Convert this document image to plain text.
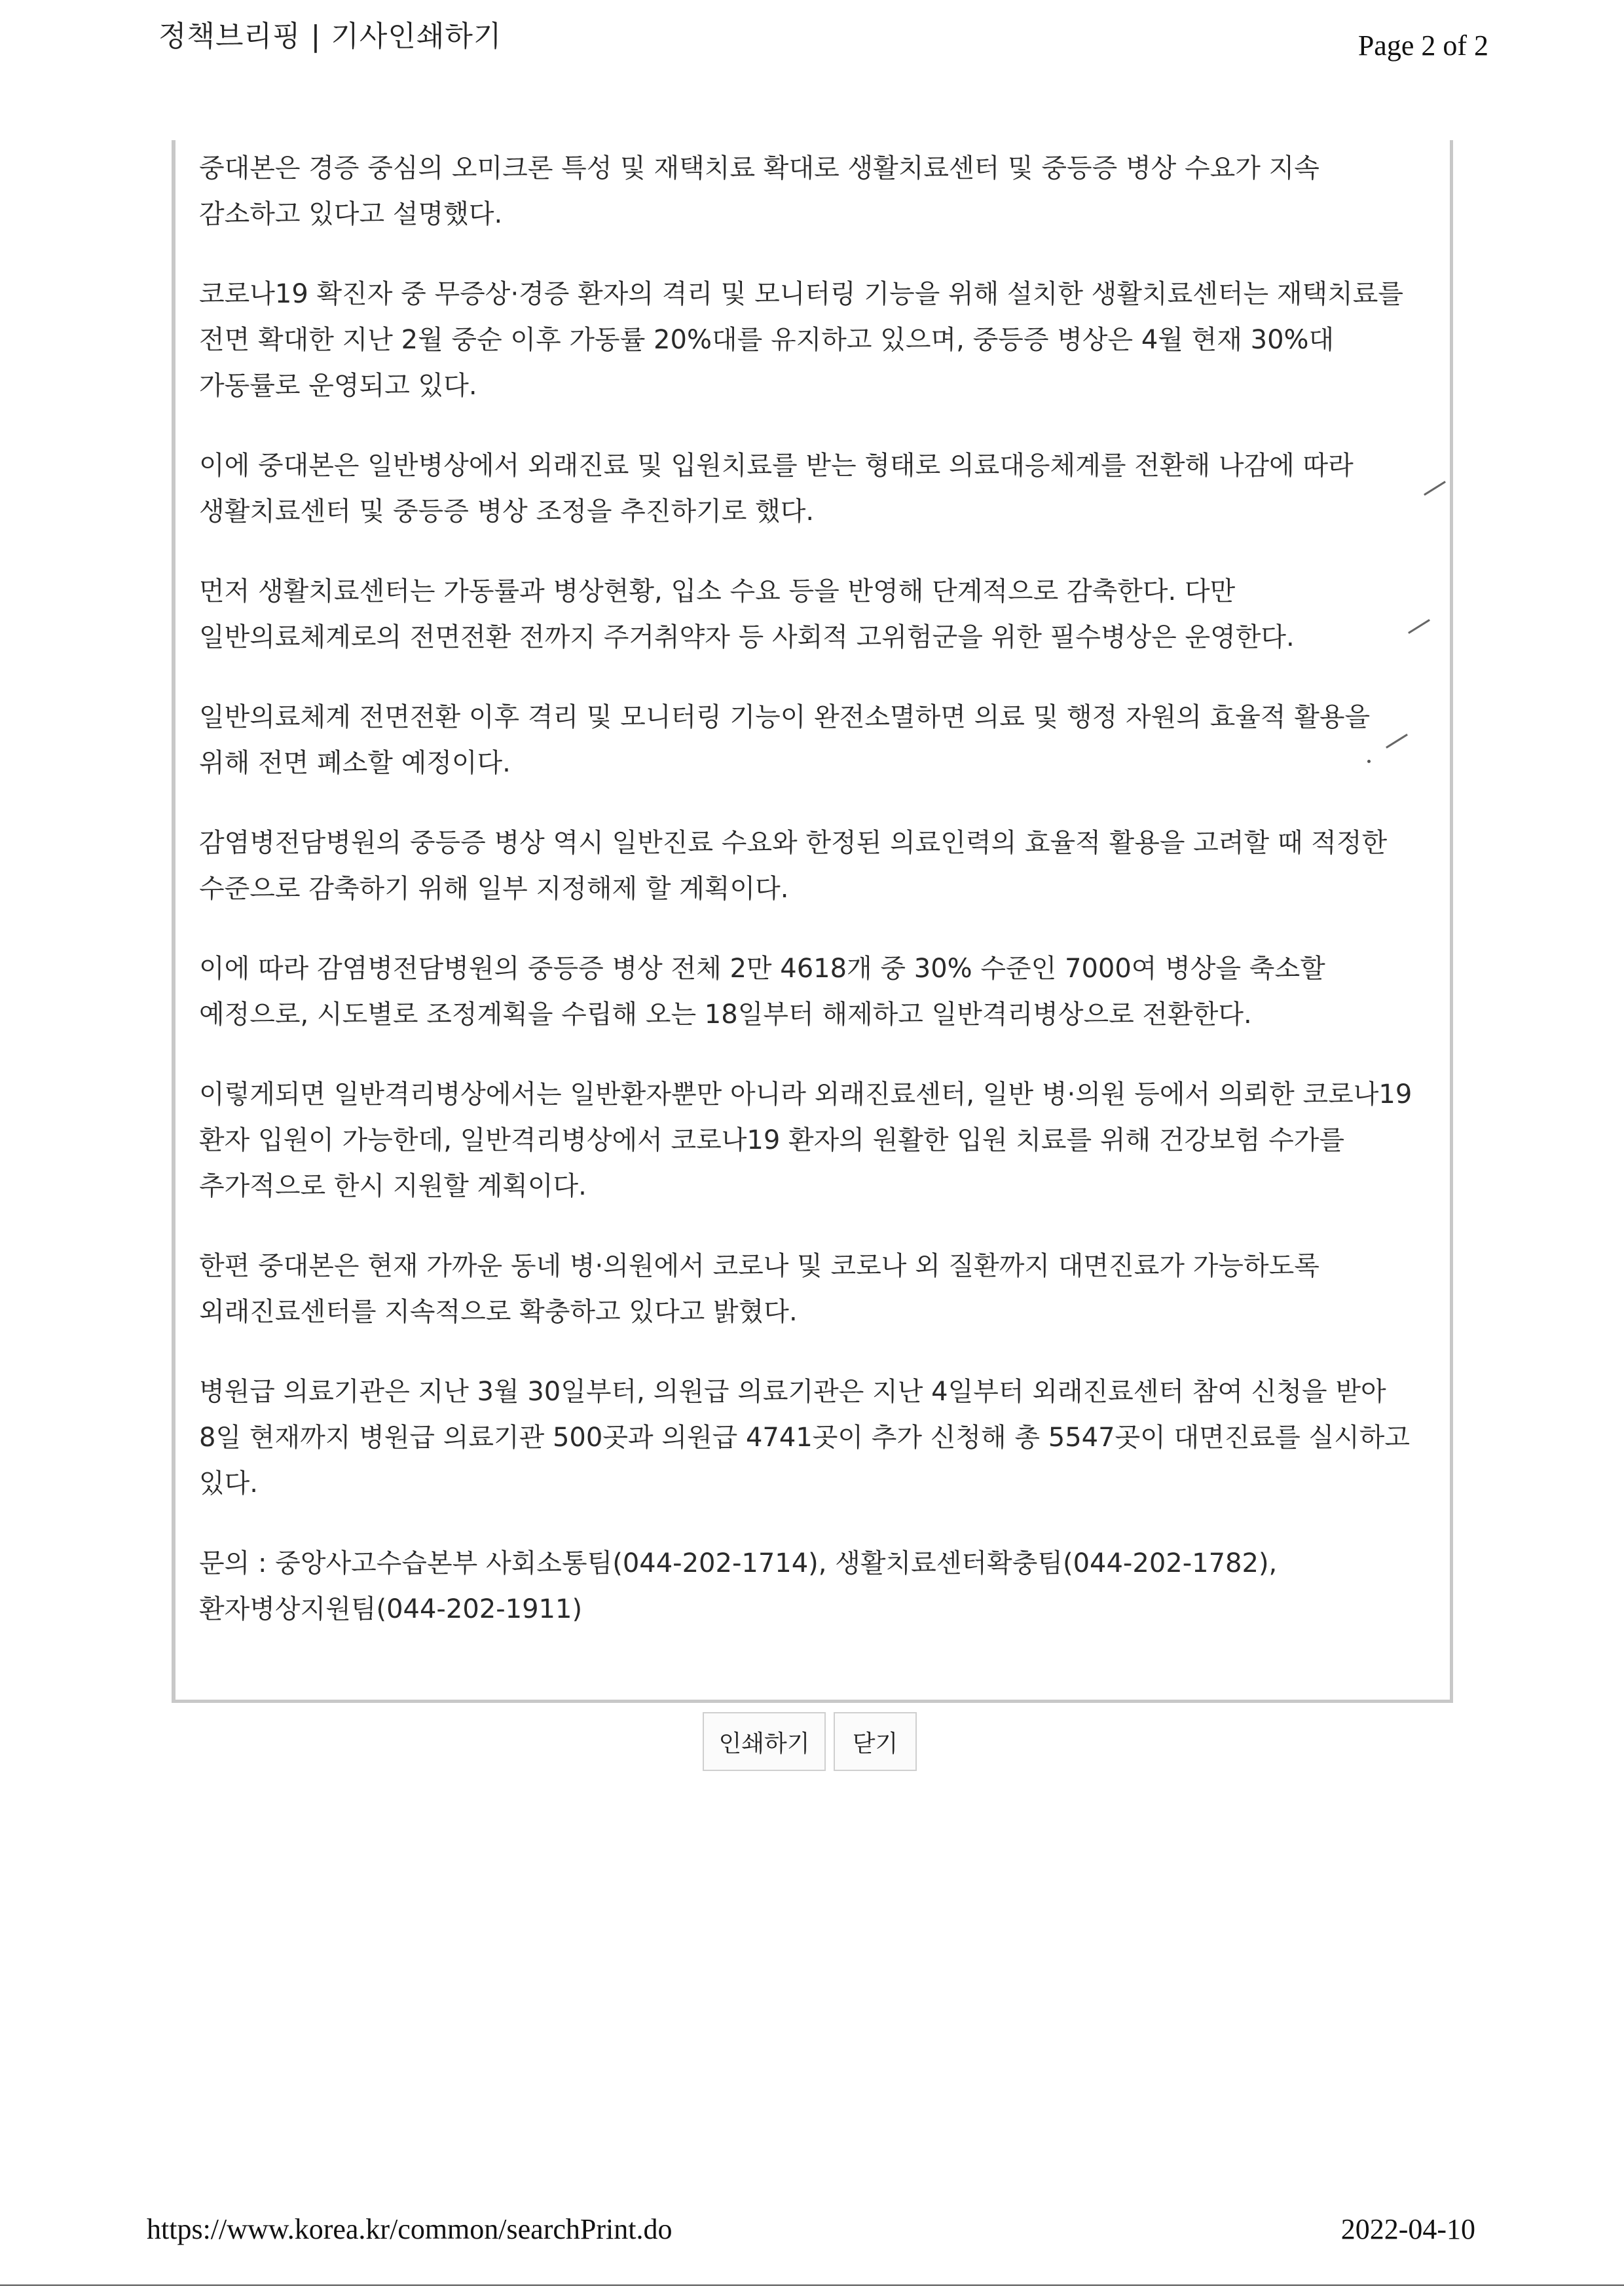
정책브리핑 | 기사인쇄하기	Page 2 of 2

중대본은 경증 중심의 오미크론 특성 및 재택치료 확대로 생활치료센터 및 중등증 병상 수요가 지속 감소하고 있다고 설명했다.

코로나19 확진자 중 무증상·경증 환자의 격리 및 모니터링 기능을 위해 설치한 생활치료센터는 재택치료를 전면 확대한 지난 2월 중순 이후 가동률 20%대를 유지하고 있으며, 중등증 병상은 4월 현재 30%대 가동률로 운영되고 있다.

이에 중대본은 일반병상에서 외래진료 및 입원치료를 받는 형태로 의료대응체계를 전환해 나감에 따라 생활치료센터 및 중등증 병상 조정을 추진하기로 했다.

먼저 생활치료센터는 가동률과 병상현황, 입소 수요 등을 반영해 단계적으로 감축한다. 다만 일반의료체계로의 전면전환 전까지 주거취약자 등 사회적 고위험군을 위한 필수병상은 운영한다.

일반의료체계 전면전환 이후 격리 및 모니터링 기능이 완전소멸하면 의료 및 행정 자원의 효율적 활용을 위해 전면 폐소할 예정이다.

감염병전담병원의 중등증 병상 역시 일반진료 수요와 한정된 의료인력의 효율적 활용을 고려할 때 적정한 수준으로 감축하기 위해 일부 지정해제 할 계획이다.

이에 따라 감염병전담병원의 중등증 병상 전체 2만 4618개 중 30% 수준인 7000여 병상을 축소할 예정으로, 시도별로 조정계획을 수립해 오는 18일부터 해제하고 일반격리병상으로 전환한다.

이렇게되면 일반격리병상에서는 일반환자뿐만 아니라 외래진료센터, 일반 병·의원 등에서 의뢰한 코로나19 환자 입원이 가능한데, 일반격리병상에서 코로나19 환자의 원활한 입원 치료를 위해 건강보험 수가를 추가적으로 한시 지원할 계획이다.

한편 중대본은 현재 가까운 동네 병·의원에서 코로나 및 코로나 외 질환까지 대면진료가 가능하도록 외래진료센터를 지속적으로 확충하고 있다고 밝혔다.

병원급 의료기관은 지난 3월 30일부터, 의원급 의료기관은 지난 4일부터 외래진료센터 참여 신청을 받아 8일 현재까지 병원급 의료기관 500곳과 의원급 4741곳이 추가 신청해 총 5547곳이 대면진료를 실시하고 있다.

문의 : 중앙사고수습본부 사회소통팀(044-202-1714), 생활치료센터확충팀(044-202-1782), 환자병상지원팀(044-202-1911)

인쇄하기	닫기
https://www.korea.kr/common/searchPrint.do	2022-04-10
